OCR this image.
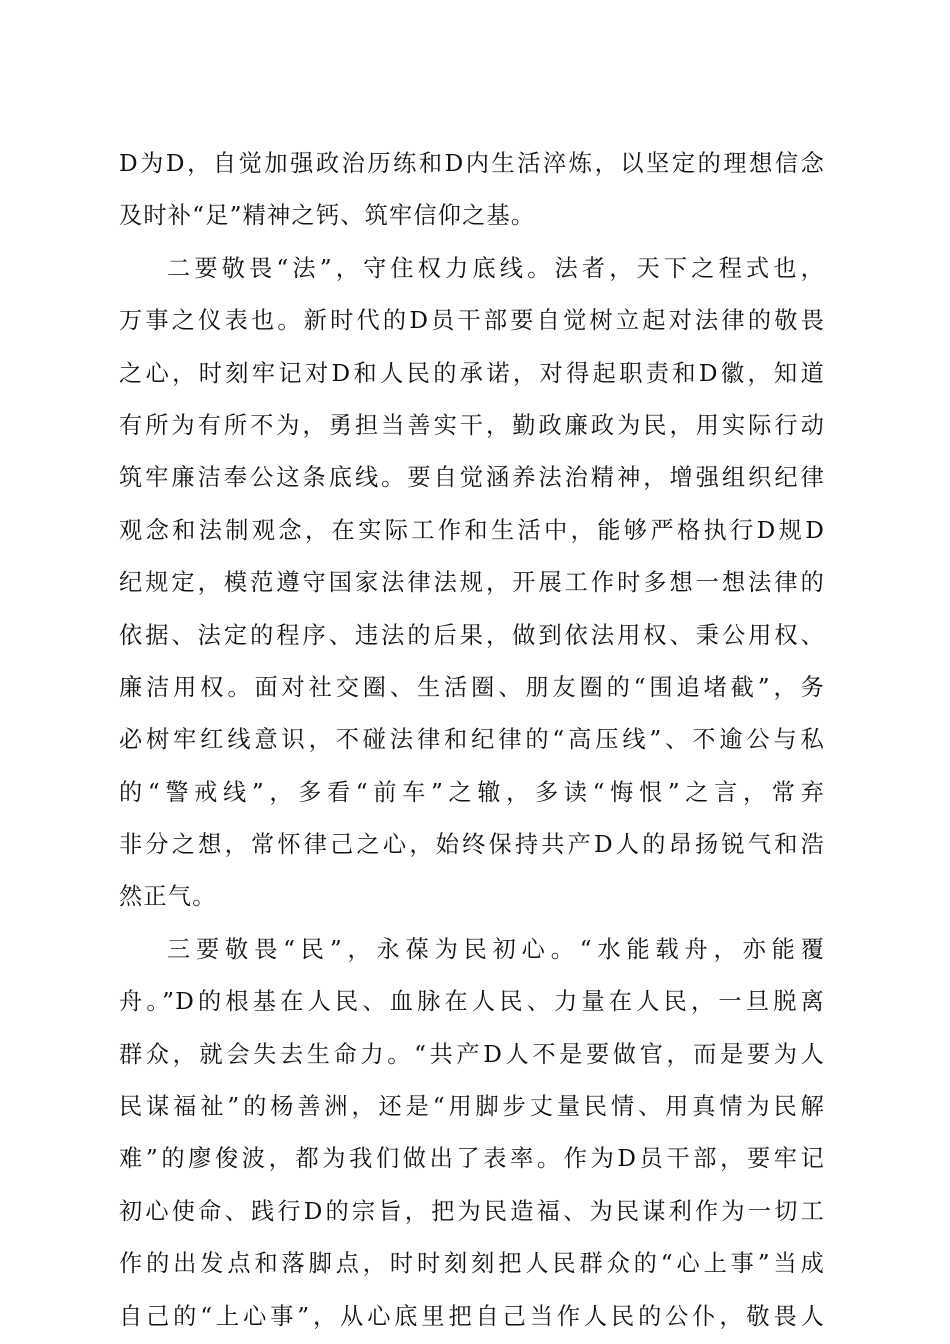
D为D，自觉加强政治历练和D内生活淬炼，以坚定的理想信念
及时补“足”精神之钙、筑牢信仰之基。
二要敬畏“法”，守住权力底线。法者，天下之程式也，
万事之仪表也。新时代的D员干部要自觉树立起对法律的敬畏
之心，时刻牢记对D和人民的承诺，对得起职责和D徽，知道
有所为有所不为，勇担当善实干，勤政廉政为民，用实际行动
筑牢廉洁奉公这条底线。要自觉涵养法治精神，增强组织纪律
观念和法制观念，在实际工作和生活中，能够严格执行D规D
纪规定，模范遵守国家法律法规，开展工作时多想一想法律的
依据、法定的程序、违法的后果，做到依法用权、秉公用权、
廉洁用权。面对社交圈、生活圈、朋友圈的“围追堵截”，务
必树牢红线意识，不碰法律和纪律的“高压线”、不逾公与私
的“警戒线”，多看“前车”之辙，多读“悔恨”之言，常弃
非分之想，常怀律己之心，始终保持共产D人的昂扬锐气和浩
然正气。
三要敬畏“民”，永葆为民初心。“水能载舟，亦能覆
舟。”D的根基在人民、血脉在人民、力量在人民，一旦脱离
群众，就会失去生命力。“共产D人不是要做官，而是要为人
民谋福祉”的杨善洲，还是“用脚步丈量民情、用真情为民解
难”的廖俊波，都为我们做出了表率。作为D员干部，要牢记
初心使命、践行D的宗旨，把为民造福、为民谋利作为一切工
作的出发点和落脚点，时时刻刻把人民群众的“心上事”当成
自己的“上心事”，从心底里把自己当作人民的公仆，敬畏人
